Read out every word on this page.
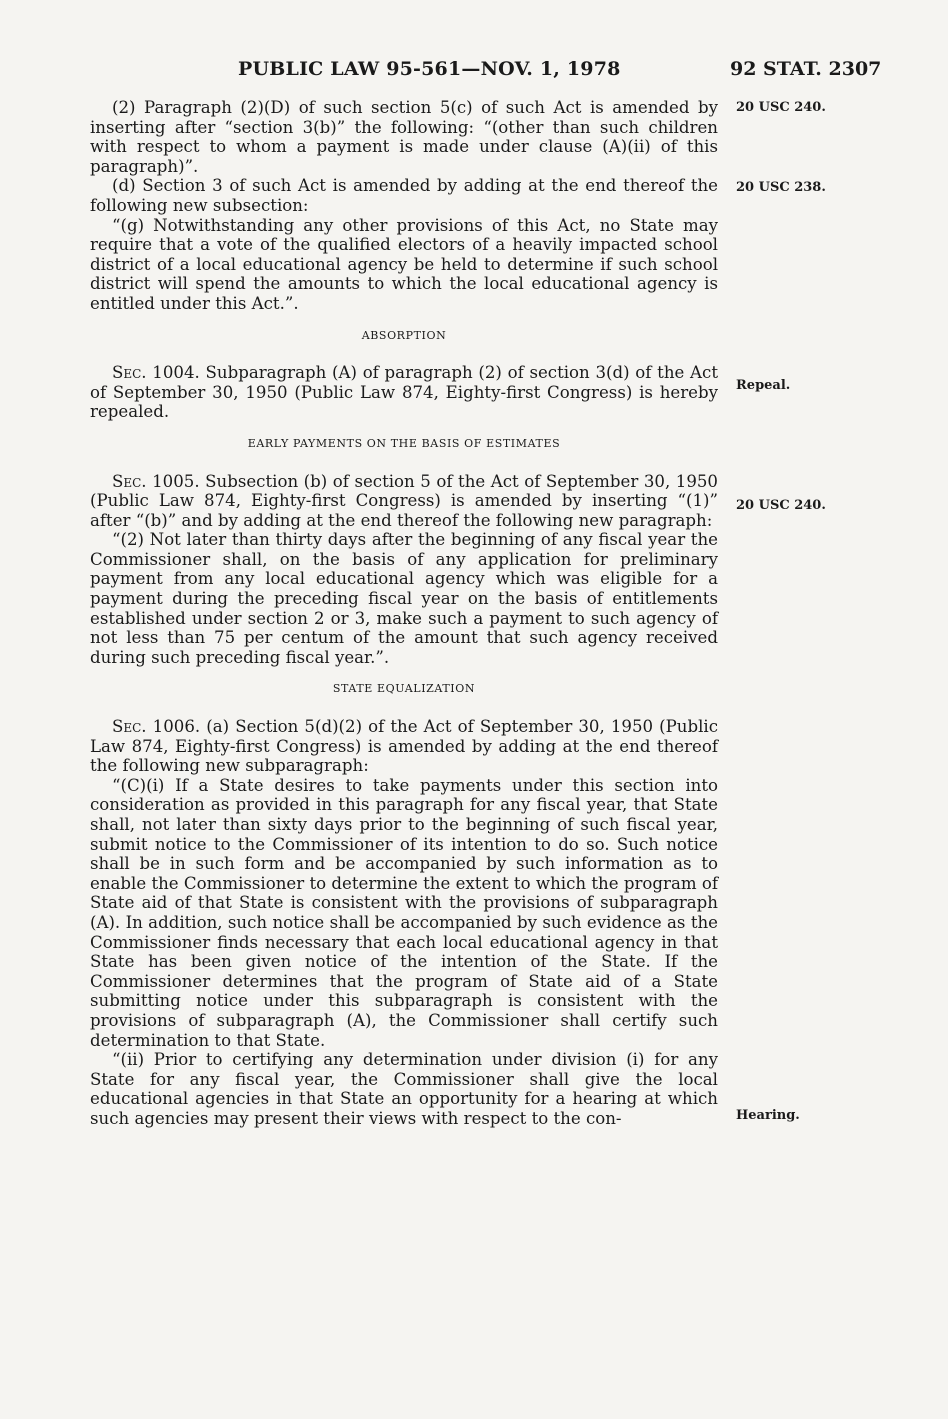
PUBLIC LAW 95-561—NOV. 1, 1978	92 STAT. 2307
20 USC 240.
20 USC 238.
Repeal.
20 USC 240.
Hearing.

(2) Paragraph (2)(D) of such section 5(c) of such Act is amended by inserting after “section 3(b)” the following: “(other than such children with respect to whom a payment is made under clause (A)(ii) of this paragraph)”.

(d) Section 3 of such Act is amended by adding at the end thereof the following new subsection:

“(g) Notwithstanding any other provisions of this Act, no State may require that a vote of the qualified electors of a heavily impacted school district of a local educational agency be held to determine if such school district will spend the amounts to which the local educational agency is entitled under this Act.”.

ABSORPTION

Sec. 1004. Subparagraph (A) of paragraph (2) of section 3(d) of the Act of September 30, 1950 (Public Law 874, Eighty-first Congress) is hereby repealed.

EARLY PAYMENTS ON THE BASIS OF ESTIMATES

Sec. 1005. Subsection (b) of section 5 of the Act of September 30, 1950 (Public Law 874, Eighty-first Congress) is amended by inserting “(1)” after “(b)” and by adding at the end thereof the following new paragraph:

“(2) Not later than thirty days after the beginning of any fiscal year the Commissioner shall, on the basis of any application for preliminary payment from any local educational agency which was eligible for a payment during the preceding fiscal year on the basis of entitlements established under section 2 or 3, make such a payment to such agency of not less than 75 per centum of the amount that such agency received during such preceding fiscal year.”.

STATE EQUALIZATION

Sec. 1006. (a) Section 5(d)(2) of the Act of September 30, 1950 (Public Law 874, Eighty-first Congress) is amended by adding at the end thereof the following new subparagraph:

“(C)(i) If a State desires to take payments under this section into consideration as provided in this paragraph for any fiscal year, that State shall, not later than sixty days prior to the beginning of such fiscal year, submit notice to the Commissioner of its intention to do so. Such notice shall be in such form and be accompanied by such information as to enable the Commissioner to determine the extent to which the program of State aid of that State is consistent with the provisions of subparagraph (A). In addition, such notice shall be accompanied by such evidence as the Commissioner finds necessary that each local educational agency in that State has been given notice of the intention of the State. If the Commissioner determines that the program of State aid of a State submitting notice under this subparagraph is consistent with the provisions of subparagraph (A), the Commissioner shall certify such determination to that State.

“(ii) Prior to certifying any determination under division (i) for any State for any fiscal year, the Commissioner shall give the local educational agencies in that State an opportunity for a hearing at which such agencies may present their views with respect to the con-
